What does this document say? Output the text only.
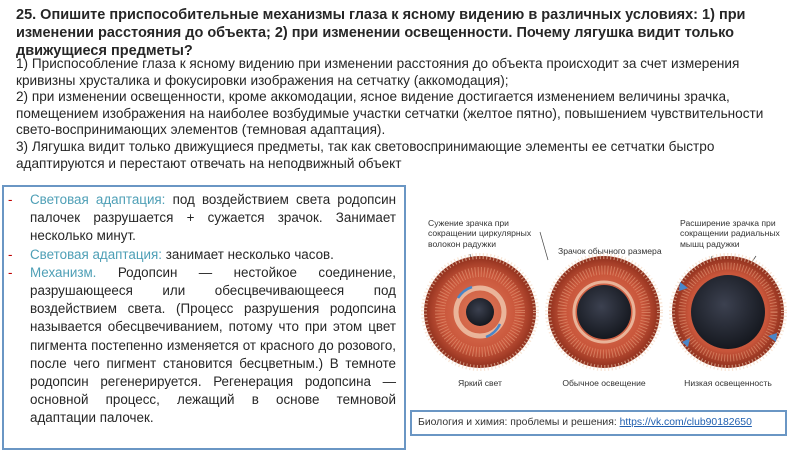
25. Опишите приспособительные механизмы глаза к ясному видению в различных условиях: 1) при изменении расстояния до объекта; 2) при изменении освещенности. Почему лягушка видит только движущиеся предметы?

1) Приспособление глаза к ясному видению при изменении расстояния до объекта происходит за счет измерения кривизны хрусталика и фокусировки изображения на сетчатку (аккомодация);

2) при изменении освещенности, кроме аккомодации, ясное видение достигается изменением величины зрачка, помещением изображения на наиболее возбудимые участки сетчатки (желтое пятно), повышением чувствительности свето-воспринимающих элементов (темновая адаптация).

3) Лягушка видит только движущиеся предметы, так как световоспринимающие элементы ее сетчатки быстро адаптируются и перестают отвечать на неподвижный объект

- Световая адаптация: под воздействием света родопсин палочек разрушается + сужается зрачок. Занимает несколько минут.
- Световая адаптация: занимает несколько часов.
- Механизм. Родопсин — нестойкое соединение, разрушающееся или обесцвечивающееся под воздействием света. (Процесс разрушения родопсина называется обесцвечиванием, потому что при этом цвет пигмента постепенно изменяется от красного до розового, после чего пигмент становится бесцветным.) В темноте родопсин регенерируется. Регенерация родопсина — основной процесс, лежащий в основе темновой адаптации палочек.
Сужение зрачка при
сокращении циркулярных
волокон радужки
Зрачок обычного размера
Расширение зрачка при
сокращении радиальных
мышц радужки
Яркий свет	Обычное освещение	Низкая освещенность
Биология и химия: проблемы и решения: https://vk.com/club90182650
